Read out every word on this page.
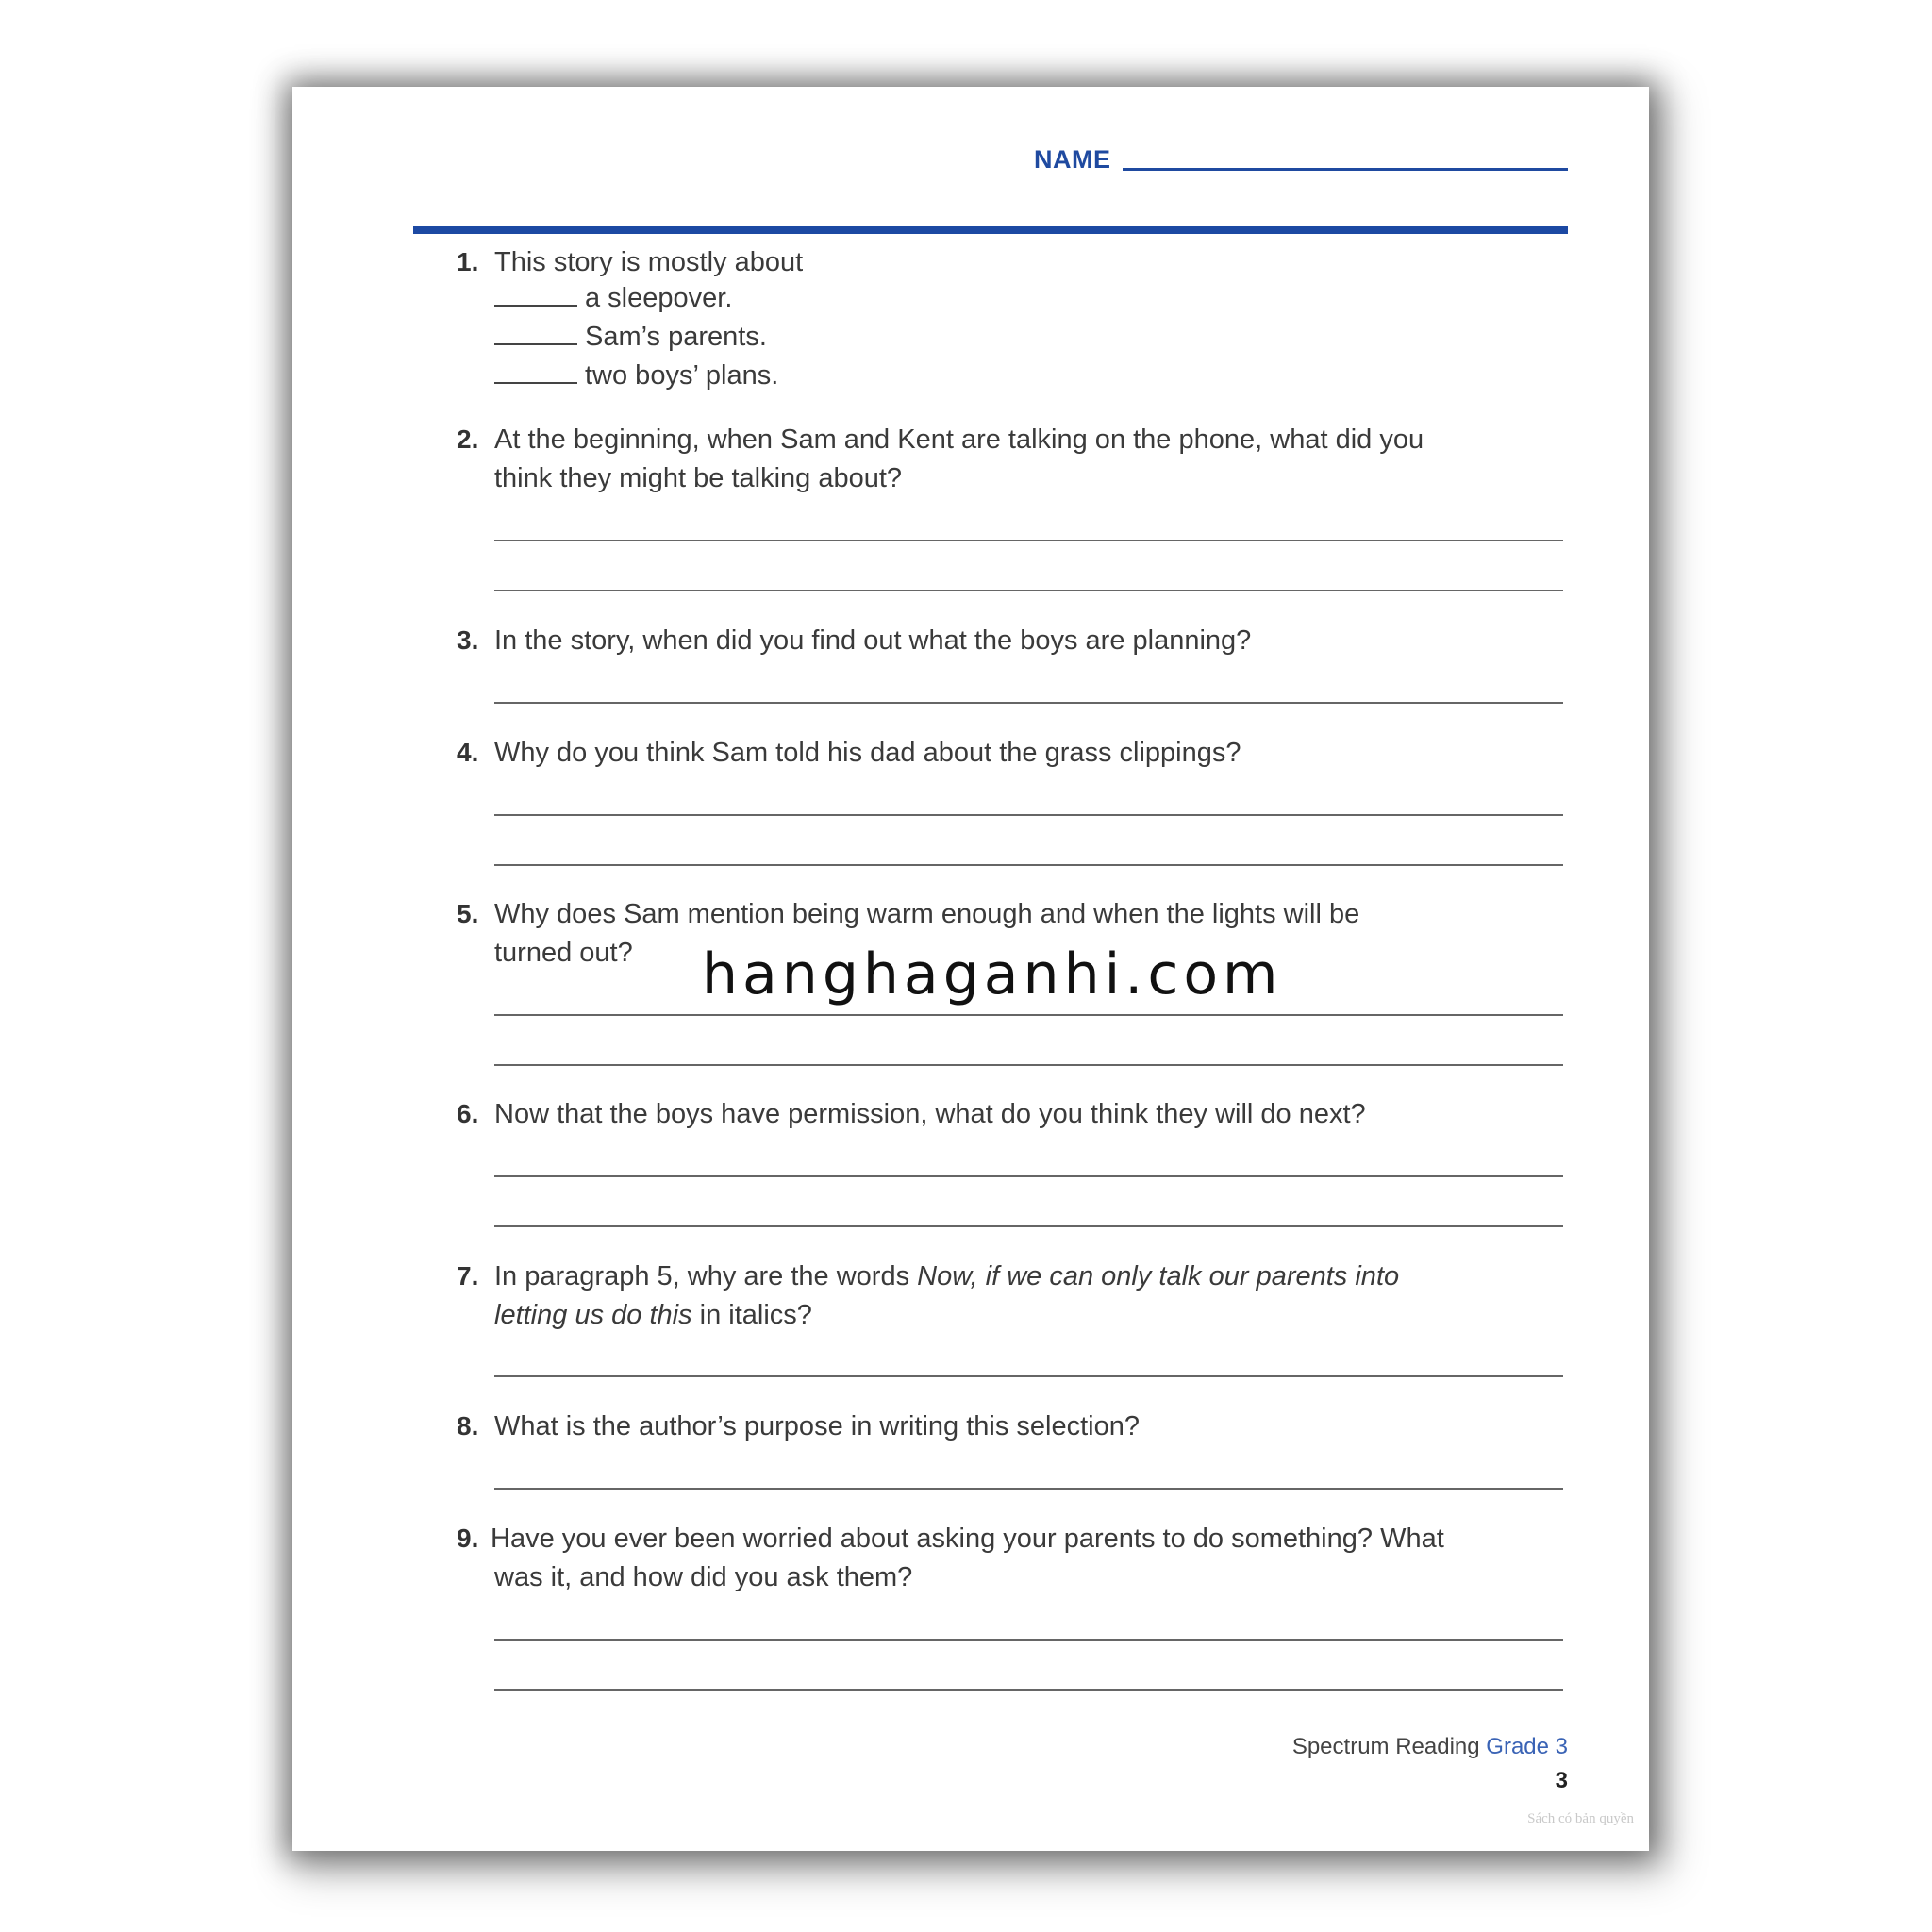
NAME
1. This story is mostly about
a sleepover.
Sam’s parents.
two boys’ plans.
2. At the beginning, when Sam and Kent are talking on the phone, what did you
think they might be talking about?
3. In the story, when did you find out what the boys are planning?
4. Why do you think Sam told his dad about the grass clippings?
5. Why does Sam mention being warm enough and when the lights will be
turned out?
6. Now that the boys have permission, what do you think they will do next?
7. In paragraph 5, why are the words Now, if we can only talk our parents into
letting us do this in italics?
8. What is the author’s purpose in writing this selection?
9. Have you ever been worried about asking your parents to do something? What
was it, and how did you ask them?
hanghaganhi.com
Spectrum Reading Grade 3
3
Sách có bản quyền
